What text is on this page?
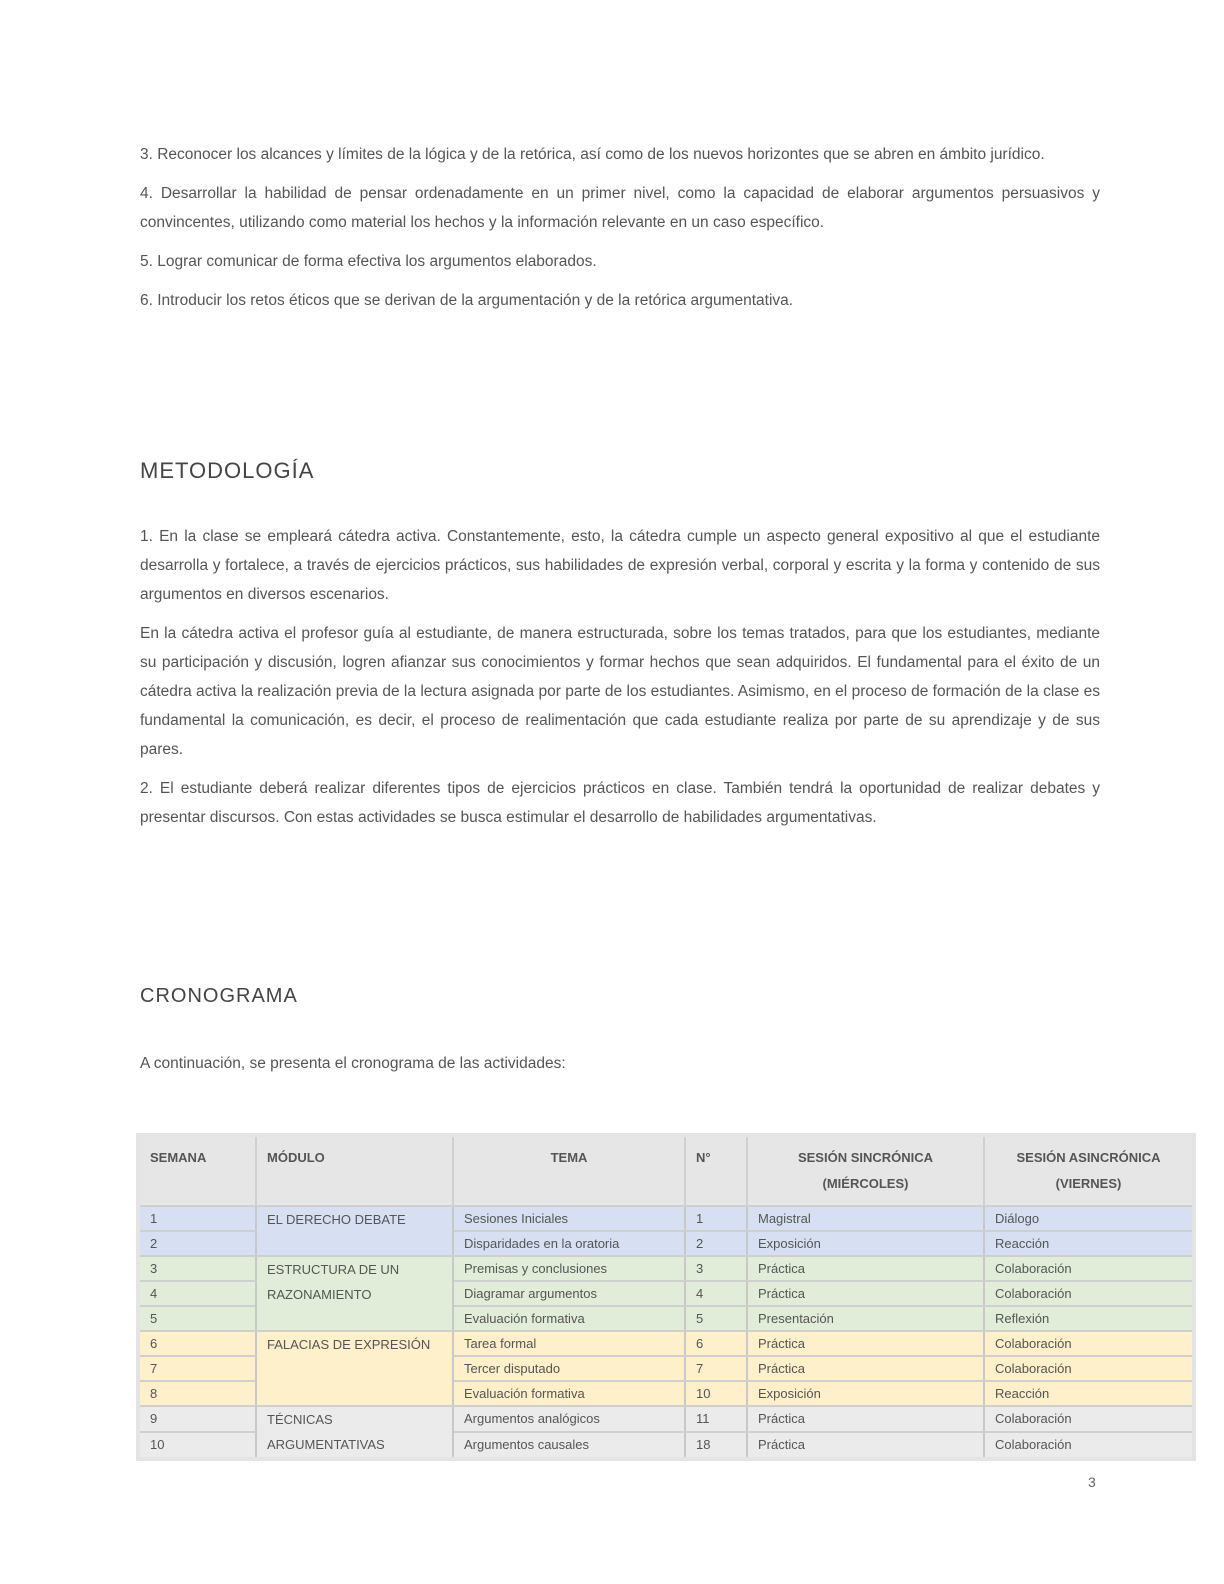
3. Reconocer los alcances y límites de la lógica y de la retórica, así como de los nuevos horizontes que se abren en ámbito jurídico.

4. Desarrollar la habilidad de pensar ordenadamente en un primer nivel, como la capacidad de elaborar argumentos persuasivos y convincentes, utilizando como material los hechos y la información relevante en un caso específico.

5. Lograr comunicar de forma efectiva los argumentos elaborados.

6. Introducir los retos éticos que se derivan de la argumentación y de la retórica argumentativa.

METODOLOGÍA

1. En la clase se empleará cátedra activa. Constantemente, esto, la cátedra cumple un aspecto general expositivo al que el estudiante desarrolla y fortalece, a través de ejercicios prácticos, sus habilidades de expresión verbal, corporal y escrita y la forma y contenido de sus argumentos en diversos escenarios.

En la cátedra activa el profesor guía al estudiante, de manera estructurada, sobre los temas tratados, para que los estudiantes, mediante su participación y discusión, logren afianzar sus conocimientos y formar hechos que sean adquiridos. El fundamental para el éxito de un cátedra activa la realización previa de la lectura asignada por parte de los estudiantes. Asimismo, en el proceso de formación de la clase es fundamental la comunicación, es decir, el proceso de realimentación que cada estudiante realiza por parte de su aprendizaje y de sus pares.

2. El estudiante deberá realizar diferentes tipos de ejercicios prácticos en clase. También tendrá la oportunidad de realizar debates y presentar discursos. Con estas actividades se busca estimular el desarrollo de habilidades argumentativas.

CRONOGRAMA
A continuación, se presenta el cronograma de las actividades:
SEMANA	MÓDULO	TEMA	N°	SESIÓN SINCRÓNICA (MIÉRCOLES)	SESIÓN ASINCRÓNICA (VIERNES)
1	EL DERECHO DEBATE	Sesiones Iniciales	1	Magistral	Diálogo
2		Disparidades en la oratoria	2	Exposición	Reacción
3	ESTRUCTURA DE UN RAZONAMIENTO	Premisas y conclusiones	3	Práctica	Colaboración
4		Diagramar argumentos	4	Práctica	Colaboración
5		Evaluación formativa	5	Presentación	Reflexión
6	FALACIAS DE EXPRESIÓN	Tarea formal	6	Práctica	Colaboración
7		Tercer disputado	7	Práctica	Colaboración
8		Evaluación formativa	10	Exposición	Reacción
9	TÉCNICAS ARGUMENTATIVAS	Argumentos analógicos	11	Práctica	Colaboración
10		Argumentos causales	18	Práctica	Colaboración
3
